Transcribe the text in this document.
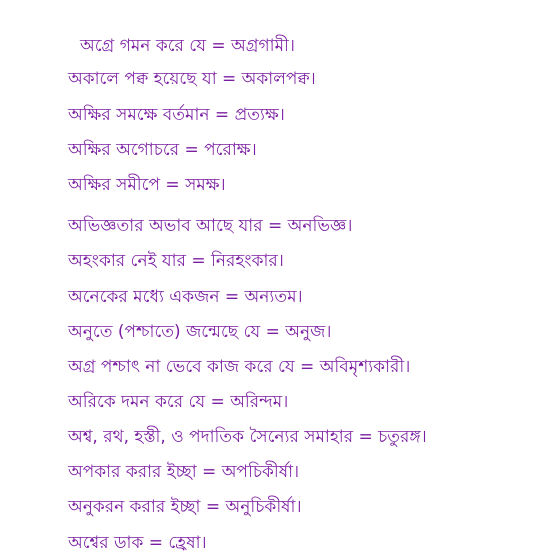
অগ্রে গমন করে যে = অগ্রগামী।
অকালে পক্ব হয়েছে যা = অকালপক্ব।
অক্ষির সমক্ষে বর্তমান = প্রত্যক্ষ।
অক্ষির অগোচরে = পরোক্ষ।
অক্ষির সমীপে = সমক্ষ।
অভিজ্ঞতার অভাব আছে যার = অনভিজ্ঞ।
অহংকার নেই যার = নিরহংকার।
অনেকের মধ্যে একজন = অন্যতম।
অনুতে (পশ্চাতে) জন্মেছে যে = অনুজ।
অগ্র পশ্চাৎ না ভেবে কাজ করে যে = অবিমৃশ্যকারী।
অরিকে দমন করে যে = অরিন্দম।
অশ্ব, রথ, হস্তী, ও পদাতিক সৈন্যের সমাহার = চতুরঙ্গ।
অপকার করার ইচ্ছা = অপচিকীর্ষা।
অনুকরন করার ইচ্ছা = অনুচিকীর্ষা।
অশ্বের ডাক = হ্রেষা।
